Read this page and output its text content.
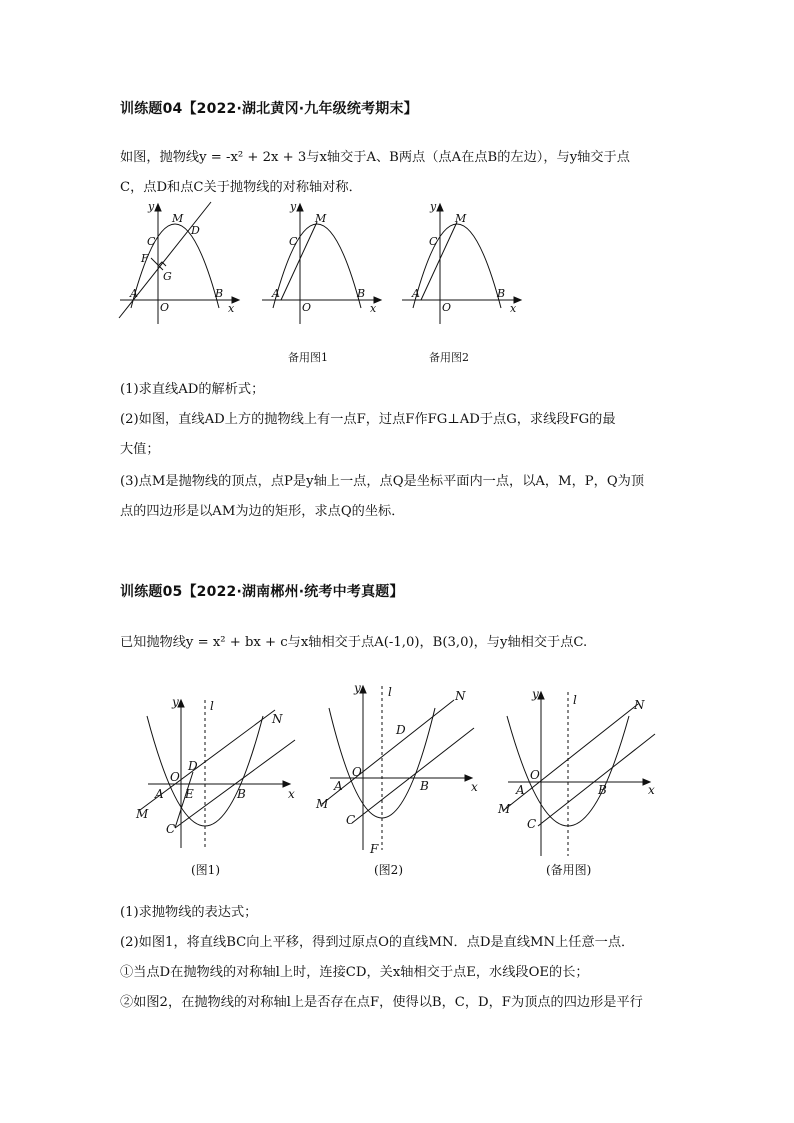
训练题04【2022·湖北黄冈·九年级统考期末】
如图，抛物线y = -x² + 2x + 3与x轴交于A、B两点（点A在点B的左边），与y轴交于点
C，点D和点C关于抛物线的对称轴对称．
y
x
M
D
C
F
G
A
O
B
y
x
M
C
A
O
B
备用图1
y
x
M
C
A
O
B
备用图2
(1)求直线AD的解析式；
(2)如图，直线AD上方的抛物线上有一点F，过点F作FG⊥AD于点G，求线段FG的最
大值；
(3)点M是抛物线的顶点，点P是y轴上一点，点Q是坐标平面内一点，以A，M，P，Q为顶
点的四边形是以AM为边的矩形，求点Q的坐标．
训练题05【2022·湖南郴州·统考中考真题】
已知抛物线y = x² + bx + c与x轴相交于点A(-1,0)，B(3,0)，与y轴相交于点C.
y	l
N
x
O
D
A E	B
M
C
(图1)
y l	N
x
O
D
A	B
M
C
F
(图2)
y	l	N
x
O
A	B
M
C
(备用图)
(1)求抛物线的表达式；
(2)如图1，将直线BC向上平移，得到过原点O的直线MN．点D是直线MN上任意一点．
①当点D在抛物线的对称轴l上时，连接CD，关x轴相交于点E，水线段OE的长；
②如图2，在抛物线的对称轴l上是否存在点F，使得以B，C，D，F为顶点的四边形是平行
